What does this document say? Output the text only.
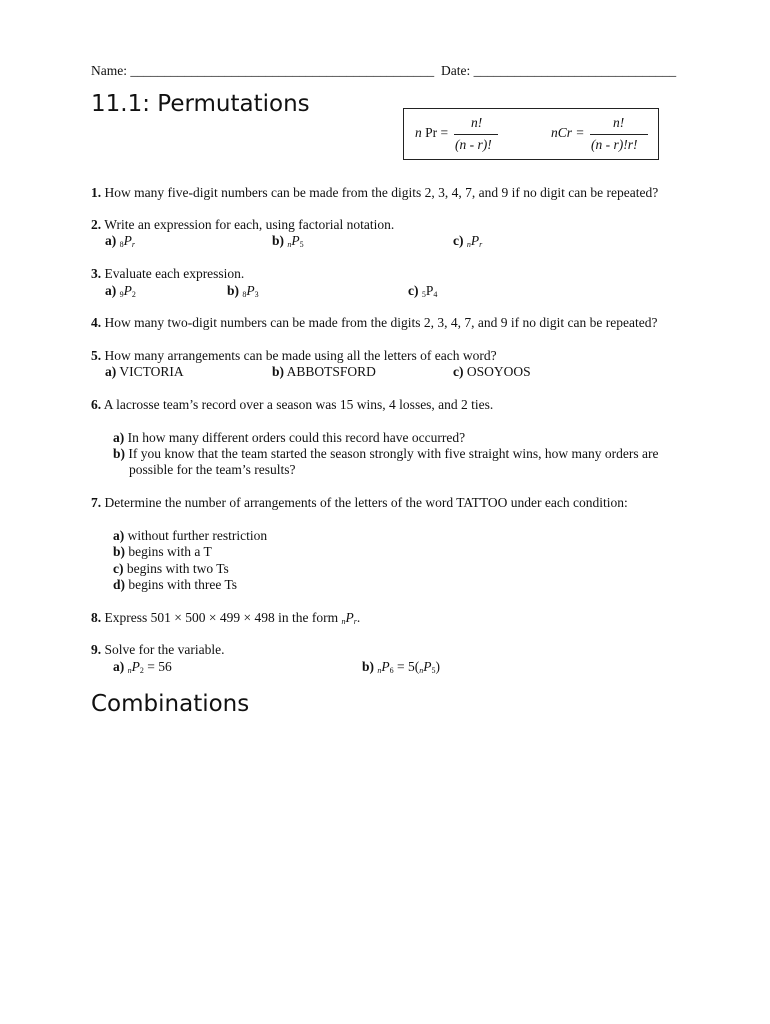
Name: _____________________________________________ Date: ______________________________
11.1: Permutations
n Pr =
n!
(n - r)!
nCr =
n!
(n - r)!r!
1. How many five-digit numbers can be made from the digits 2, 3, 4, 7, and 9 if no digit can be repeated?
2. Write an expression for each, using factorial notation.
a) $8P_r$	b) $nP_5$	c) $nP_r$
3. Evaluate each expression.
a) $9P_2$	b) $8P_3$	c) $5P_4$
4. How many two-digit numbers can be made from the digits 2, 3, 4, 7, and 9 if no digit can be repeated?
5. How many arrangements can be made using all the letters of each word?
a) VICTORIA	b) ABBOTSFORD	c) OSOYOOS
6. A lacrosse team’s record over a season was 15 wins, 4 losses, and 2 ties.
a) In how many different orders could this record have occurred?
b) If you know that the team started the season strongly with five straight wins, how many orders are
possible for the team’s results?
7. Determine the number of arrangements of the letters of the word TATTOO under each condition:
a) without further restriction
b) begins with a T
c) begins with two Ts
d) begins with three Ts
8. Express 501 × 500 × 499 × 498 in the form $nP_r$.
9. Solve for the variable.
a) $nP_2 = 56$	b) $nP_6 = 5(nP_5)$
Combinations
